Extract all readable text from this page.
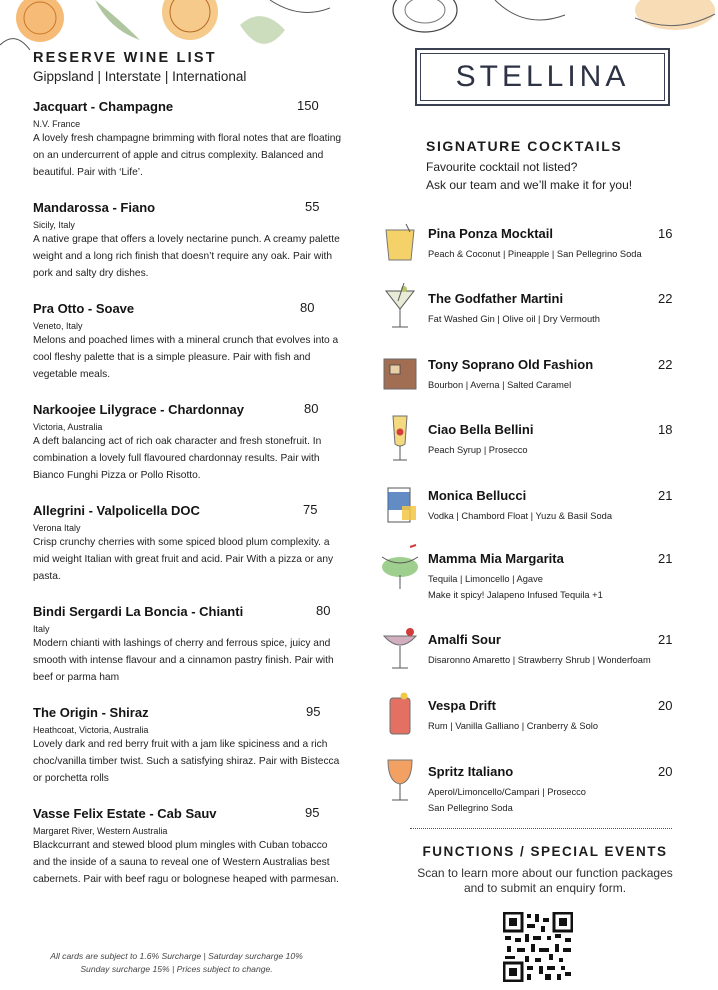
RESERVE WINE LIST
Gippsland | Interstate | International
Jacquart - Champagne	150
N.V. France
A lovely fresh champagne brimming with floral notes that are floating on an undercurrent of apple and citrus complexity. Balanced and beautiful. Pair with ‘Life’.
Mandarossa - Fiano	55
Sicily, Italy
A native grape that offers a lovely nectarine punch. A creamy palette weight and a long rich finish that doesn’t require any oak. Pair with pork and salty dry dishes.
Pra Otto - Soave	80
Veneto, Italy
Melons and poached limes with a mineral crunch that evolves into a cool fleshy palette that is a simple pleasure. Pair with fish and vegetable meals.
Narkoojee Lilygrace - Chardonnay	80
Victoria, Australia
A deft balancing act of rich oak character and fresh stonefruit. In combination a lovely full flavoured chardonnay results. Pair with Bianco Funghi Pizza or Pollo Risotto.
Allegrini - Valpolicella DOC	75
Verona Italy
Crisp crunchy cherries with some spiced blood plum complexity. a mid weight Italian with great fruit and acid. Pair With a pizza or any pasta.
Bindi Sergardi La Boncia - Chianti	80
Italy
Modern chianti with lashings of cherry and ferrous spice, juicy and smooth with intense flavour and a cinnamon pastry finish. Pair with beef or parma ham
The Origin - Shiraz	95
Heathcoat, Victoria, Australia
Lovely dark and red berry fruit with a jam like spiciness and a rich choc/vanilla timber twist. Such a satisfying shiraz. Pair with Bistecca or porchetta rolls
Vasse Felix Estate - Cab Sauv	95
Margaret River, Western Australia
Blackcurrant and stewed blood plum mingles with Cuban tobacco and the inside of a sauna to reveal one of Western Australias best cabernets. Pair with beef ragu or bolognese heaped with parmesan.
All cards are subject to 1.6% Surcharge | Saturday surcharge 10%
Sunday surcharge 15% | Prices subject to change.
STELLINA
SIGNATURE COCKTAILS
Favourite cocktail not listed?
Ask our team and we’ll make it for you!
Pina Ponza Mocktail	16
Peach & Coconut | Pineapple | San Pellegrino Soda
The Godfather Martini	22
Fat Washed Gin | Olive oil | Dry Vermouth
Tony Soprano Old Fashion	22
Bourbon | Averna | Salted Caramel
Ciao Bella Bellini	18
Peach Syrup | Prosecco
Monica Bellucci	21
Vodka | Chambord Float | Yuzu & Basil Soda
Mamma Mia Margarita	21
Tequila | Limoncello | Agave
Make it spicy! Jalapeno Infused Tequila +1
Amalfi Sour	21
Disaronno Amaretto | Strawberry Shrub | Wonderfoam
Vespa Drift	20
Rum | Vanilla Galliano | Cranberry & Solo
Spritz Italiano	20
Aperol/Limoncello/Campari | Prosecco
San Pellegrino Soda
FUNCTIONS / SPECIAL EVENTS
Scan to learn more about our function packages and to submit an enquiry form.
